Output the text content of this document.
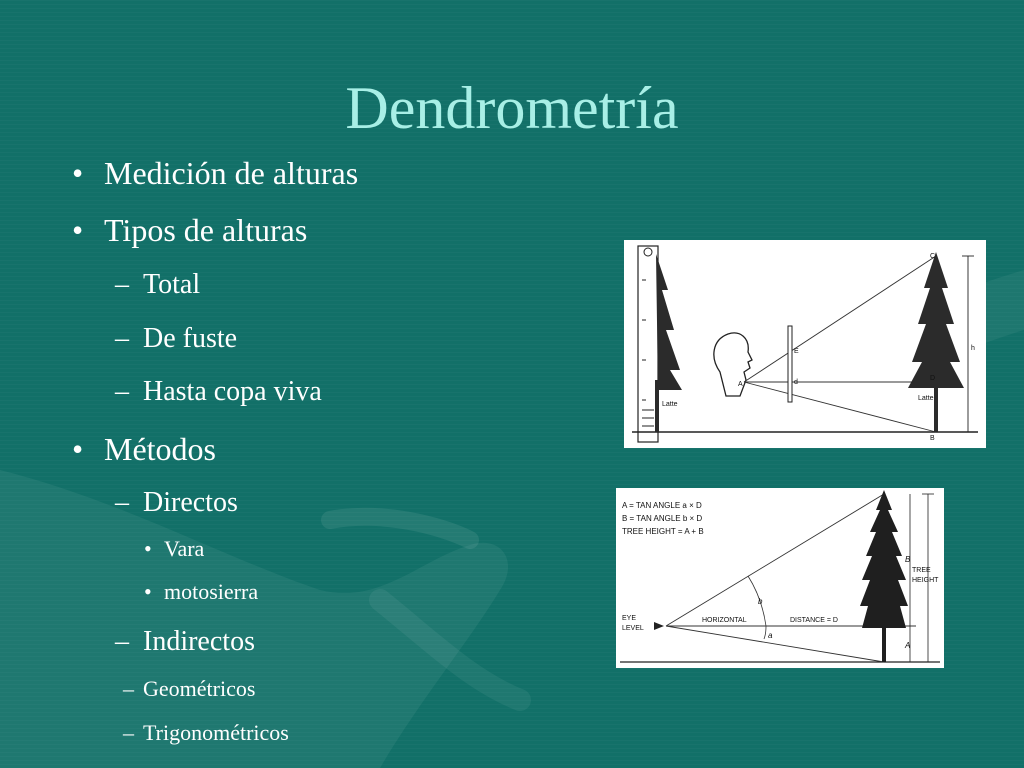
Dendrometría
• Medición de alturas
• Tipos de alturas
– Total
– De fuste
– Hasta copa viva
• Métodos
– Directos
• Vara
• motosierra
– Indirectos
– Geométricos
– Trigonométricos
Latte
E
d
A
Latte
C
D
B
h
A = TAN ANGLE a × D
B = TAN ANGLE b × D
TREE HEIGHT = A + B
EYE
LEVEL
HORIZONTAL	DISTANCE = D
b
a
B
A
TREE
HEIGHT
